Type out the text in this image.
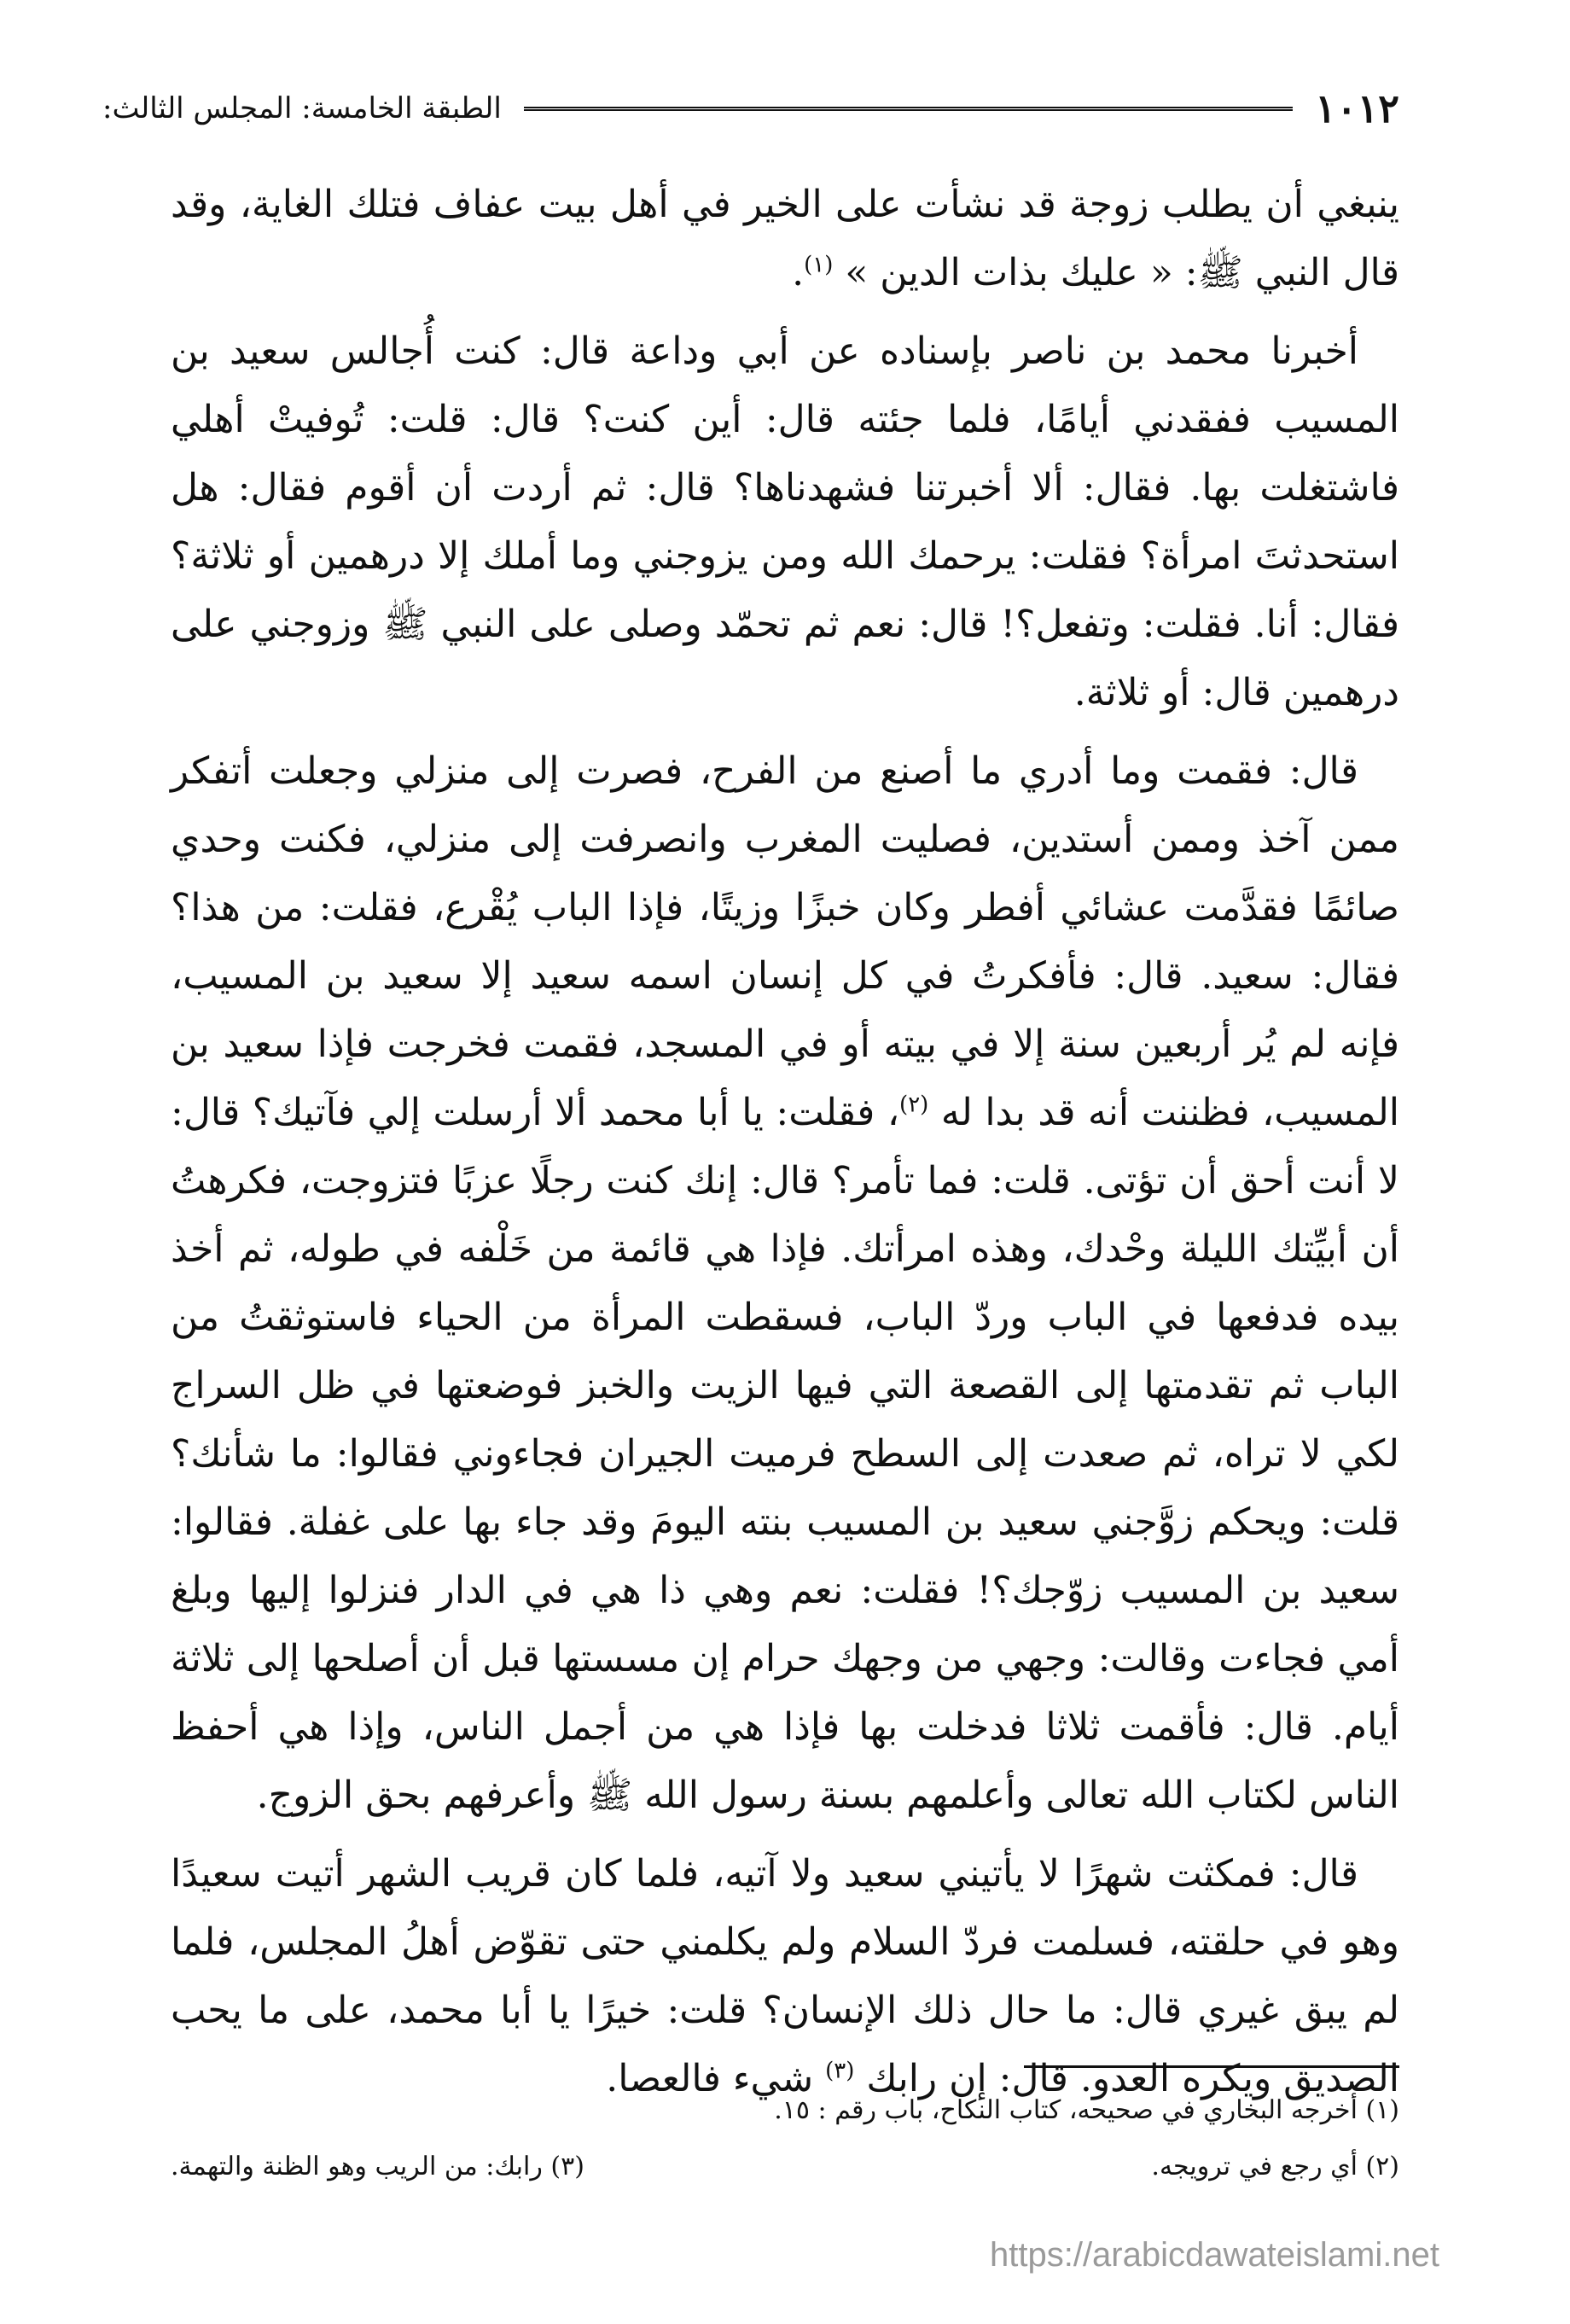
١٠١٢
الطبقة الخامسة: المجلس الثالث:

ينبغي أن يطلب زوجة قد نشأت على الخير في أهل بيت عفاف فتلك الغاية، وقد قال النبي ﷺ: « عليك بذات الدين » $^{(١)}$.

أخبرنا محمد بن ناصر بإسناده عن أبي وداعة قال: كنت أُجالس سعيد بن المسيب ففقدني أيامًا، فلما جئته قال: أين كنت؟ قال: قلت: تُوفيتْ أهلي فاشتغلت بها. فقال: ألا أخبرتنا فشهدناها؟ قال: ثم أردت أن أقوم فقال: هل استحدثتَ امرأة؟ فقلت: يرحمك الله ومن يزوجني وما أملك إلا درهمين أو ثلاثة؟ فقال: أنا. فقلت: وتفعل؟! قال: نعم ثم تحمّد وصلى على النبي ﷺ وزوجني على درهمين قال: أو ثلاثة.

قال: فقمت وما أدري ما أصنع من الفرح، فصرت إلى منزلي وجعلت أتفكر ممن آخذ وممن أستدين، فصليت المغرب وانصرفت إلى منزلي، فكنت وحدي صائمًا فقدَّمت عشائي أفطر وكان خبزًا وزيتًا، فإذا الباب يُقْرع، فقلت: من هذا؟ فقال: سعيد. قال: فأفكرتُ في كل إنسان اسمه سعيد إلا سعيد بن المسيب، فإنه لم يُر أربعين سنة إلا في بيته أو في المسجد، فقمت فخرجت فإذا سعيد بن المسيب، فظننت أنه قد بدا له $^{(٢)}$، فقلت: يا أبا محمد ألا أرسلت إلي فآتيك؟ قال: لا أنت أحق أن تؤتى. قلت: فما تأمر؟ قال: إنك كنت رجلًا عزبًا فتزوجت، فكرهتُ أن أبيِّتك الليلة وحْدك، وهذه امرأتك. فإذا هي قائمة من خَلْفه في طوله، ثم أخذ بيده فدفعها في الباب وردّ الباب، فسقطت المرأة من الحياء فاستوثقتُ من الباب ثم تقدمتها إلى القصعة التي فيها الزيت والخبز فوضعتها في ظل السراج لكي لا تراه، ثم صعدت إلى السطح فرميت الجيران فجاءوني فقالوا: ما شأنك؟ قلت: ويحكم زوَّجني سعيد بن المسيب بنته اليومَ وقد جاء بها على غفلة. فقالوا: سعيد بن المسيب زوّجك؟! فقلت: نعم وهي ذا هي في الدار فنزلوا إليها وبلغ أمي فجاءت وقالت: وجهي من وجهك حرام إن مسستها قبل أن أصلحها إلى ثلاثة أيام. قال: فأقمت ثلاثا فدخلت بها فإذا هي من أجمل الناس، وإذا هي أحفظ الناس لكتاب الله تعالى وأعلمهم بسنة رسول الله ﷺ وأعرفهم بحق الزوج.

قال: فمكثت شهرًا لا يأتيني سعيد ولا آتيه، فلما كان قريب الشهر أتيت سعيدًا وهو في حلقته، فسلمت فردّ السلام ولم يكلمني حتى تقوّض أهلُ المجلس، فلما لم يبق غيري قال: ما حال ذلك الإنسان؟ قلت: خيرًا يا أبا محمد، على ما يحب الصديق ويكره العدو. قال: إن رابك $^{(٣)}$ شيء فالعصا.

(١) أخرجه البخاري في صحيحه، كتاب النكاح، باب رقم : ١٥.
(٢) أي رجع في ترويجه.
(٣) رابك: من الريب وهو الظنة والتهمة.
https://arabicdawateislami.net
